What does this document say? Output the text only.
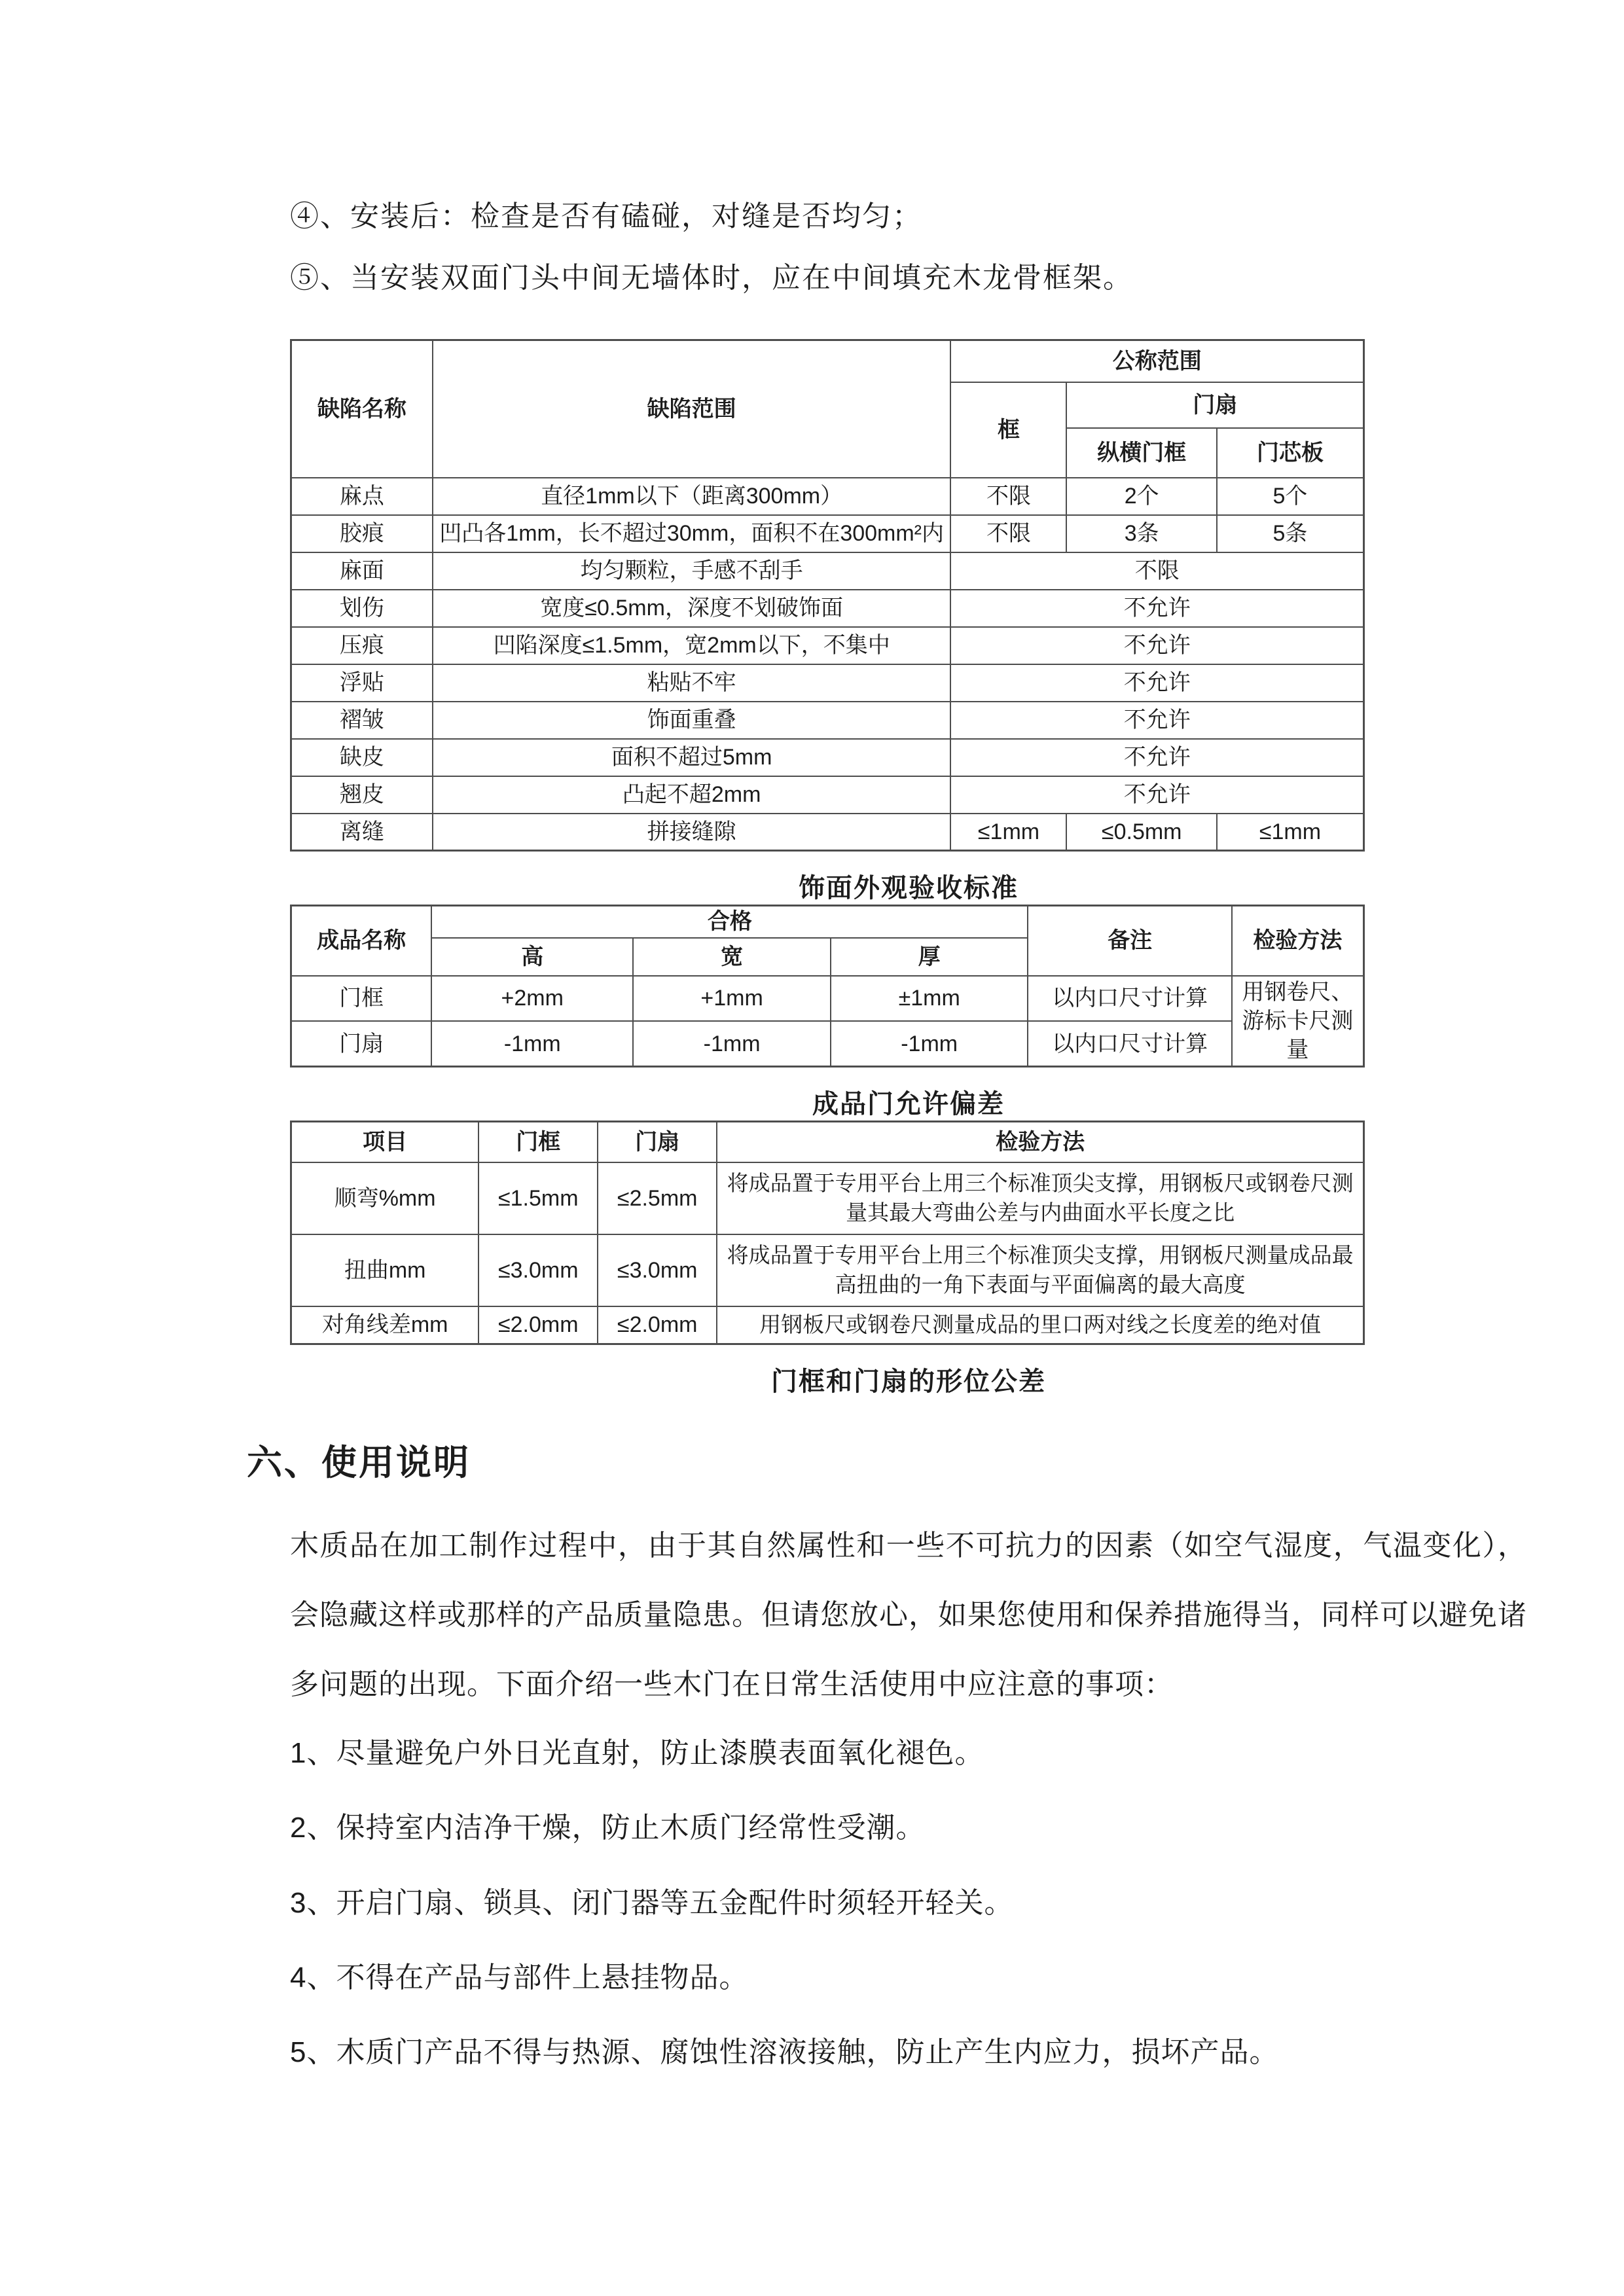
④、安装后：检查是否有磕碰，对缝是否均匀；

⑤、当安装双面门头中间无墙体时，应在中间填充木龙骨框架。

缺陷名称	缺陷范围	公称范围		
		框	门扇	
			纵横门框	门芯板
麻点	直径1mm以下（距离300mm）	不限	2个	5个
胶痕	凹凸各1mm，长不超过30mm，面积不在300mm²内	不限	3条	5条
麻面	均匀颗粒，手感不刮手	不限		
划伤	宽度≤0.5mm，深度不划破饰面	不允许		
压痕	凹陷深度≤1.5mm，宽2mm以下，不集中	不允许		
浮贴	粘贴不牢	不允许		
褶皱	饰面重叠	不允许		
缺皮	面积不超过5mm	不允许		
翘皮	凸起不超2mm	不允许		
离缝	拼接缝隙	≤1mm	≤0.5mm	≤1mm

饰面外观验收标准

成品名称	合格			备注	检验方法
	高	宽	厚		
门框	+2mm	+1mm	±1mm	以内口尺寸计算	用钢卷尺、游标卡尺测量
门扇	-1mm	-1mm	-1mm	以内口尺寸计算	

成品门允许偏差

项目	门框	门扇	检验方法
顺弯%mm	≤1.5mm	≤2.5mm	将成品置于专用平台上用三个标准顶尖支撑，用钢板尺或钢卷尺测量其最大弯曲公差与内曲面水平长度之比
扭曲mm	≤3.0mm	≤3.0mm	将成品置于专用平台上用三个标准顶尖支撑，用钢板尺测量成品最高扭曲的一角下表面与平面偏离的最大高度
对角线差mm	≤2.0mm	≤2.0mm	用钢板尺或钢卷尺测量成品的里口两对线之长度差的绝对值

门框和门扇的形位公差

六、使用说明

木质品在加工制作过程中，由于其自然属性和一些不可抗力的因素（如空气湿度，气温变化），会隐藏这样或那样的产品质量隐患。但请您放心，如果您使用和保养措施得当，同样可以避免诸多问题的出现。下面介绍一些木门在日常生活使用中应注意的事项：

1、尽量避免户外日光直射，防止漆膜表面氧化褪色。

2、保持室内洁净干燥，防止木质门经常性受潮。

3、开启门扇、锁具、闭门器等五金配件时须轻开轻关。

4、不得在产品与部件上悬挂物品。

5、木质门产品不得与热源、腐蚀性溶液接触，防止产生内应力，损坏产品。
